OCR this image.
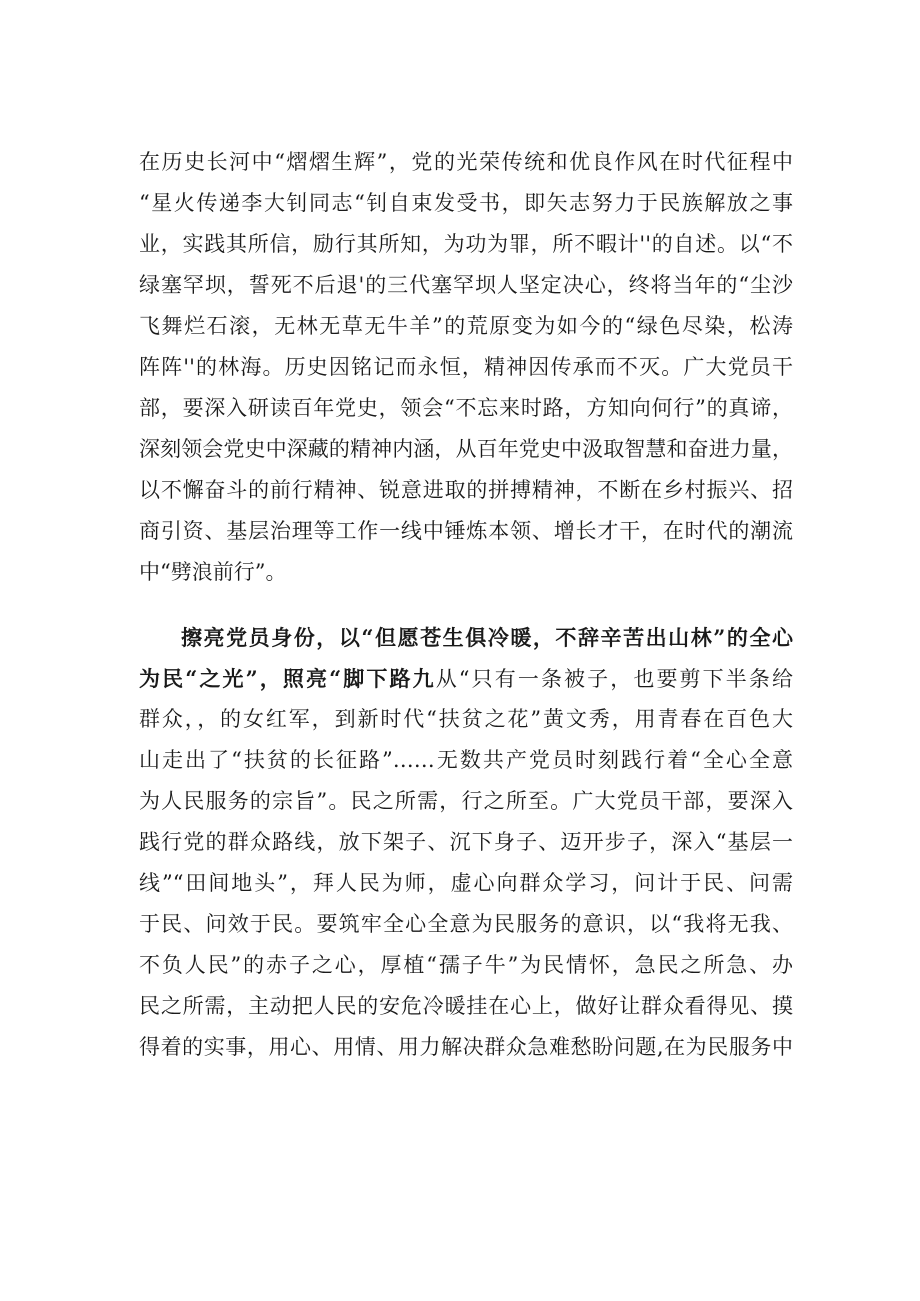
在历史长河中“熠熠生辉”，党的光荣传统和优良作风在时代征程中
“星火传递李大钊同志“钊自束发受书，即矢志努力于民族解放之事
业，实践其所信，励行其所知，为功为罪，所不暇计''的自述。以“不
绿塞罕坝，誓死不后退'的三代塞罕坝人坚定决心，终将当年的“尘沙
飞舞烂石滚，无林无草无牛羊”的荒原变为如今的“绿色尽染，松涛
阵阵''的林海。历史因铭记而永恒，精神因传承而不灭。广大党员干
部，要深入研读百年党史，领会“不忘来时路，方知向何行”的真谛，
深刻领会党史中深藏的精神内涵，从百年党史中汲取智慧和奋进力量，
以不懈奋斗的前行精神、锐意进取的拼搏精神，不断在乡村振兴、招
商引资、基层治理等工作一线中锤炼本领、增长才干，在时代的潮流
中“劈浪前行”。
擦亮党员身份，以“但愿苍生俱冷暖，不辞辛苦出山林”的全心
为民“之光”，照亮“脚下路九从“只有一条被子，也要剪下半条给
群众，，的女红军，到新时代“扶贫之花”黄文秀，用青春在百色大
山走出了“扶贫的长征路”……无数共产党员时刻践行着“全心全意
为人民服务的宗旨”。民之所需，行之所至。广大党员干部，要深入
践行党的群众路线，放下架子、沉下身子、迈开步子，深入“基层一
线”“田间地头”，拜人民为师，虚心向群众学习，问计于民、问需
于民、问效于民。要筑牢全心全意为民服务的意识，以“我将无我、
不负人民”的赤子之心，厚植“孺子牛”为民情怀，急民之所急、办
民之所需，主动把人民的安危冷暖挂在心上，做好让群众看得见、摸
得着的实事，用心、用情、用力解决群众急难愁盼问题,在为民服务中
